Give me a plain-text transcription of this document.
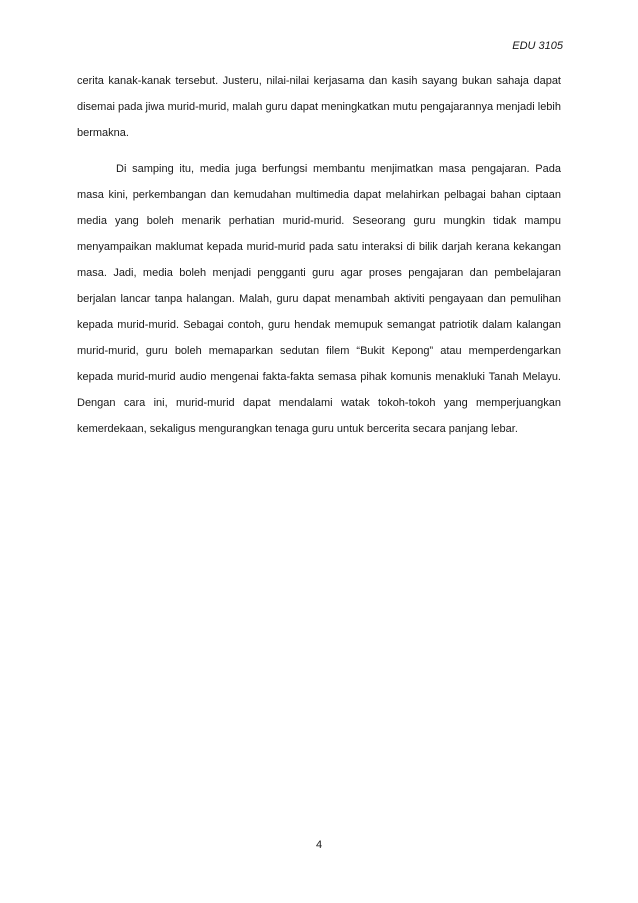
EDU 3105

cerita kanak-kanak tersebut. Justeru, nilai-nilai kerjasama dan kasih sayang bukan sahaja dapat disemai pada jiwa murid-murid, malah guru dapat meningkatkan mutu pengajarannya menjadi lebih bermakna.

Di samping itu, media juga berfungsi membantu menjimatkan masa pengajaran. Pada masa kini, perkembangan dan kemudahan multimedia dapat melahirkan pelbagai bahan ciptaan media yang boleh menarik perhatian murid-murid. Seseorang guru mungkin tidak mampu menyampaikan maklumat kepada murid-murid pada satu interaksi di bilik darjah kerana kekangan masa. Jadi, media boleh menjadi pengganti guru agar proses pengajaran dan pembelajaran berjalan lancar tanpa halangan. Malah, guru dapat menambah aktiviti pengayaan dan pemulihan kepada murid-murid. Sebagai contoh, guru hendak memupuk semangat patriotik dalam kalangan murid-murid, guru boleh memaparkan sedutan filem “Bukit Kepong” atau memperdengarkan kepada murid-murid audio mengenai fakta-fakta semasa pihak komunis menakluki Tanah Melayu. Dengan cara ini, murid-murid dapat mendalami watak tokoh-tokoh yang memperjuangkan kemerdekaan, sekaligus mengurangkan tenaga guru untuk bercerita secara panjang lebar.

4
